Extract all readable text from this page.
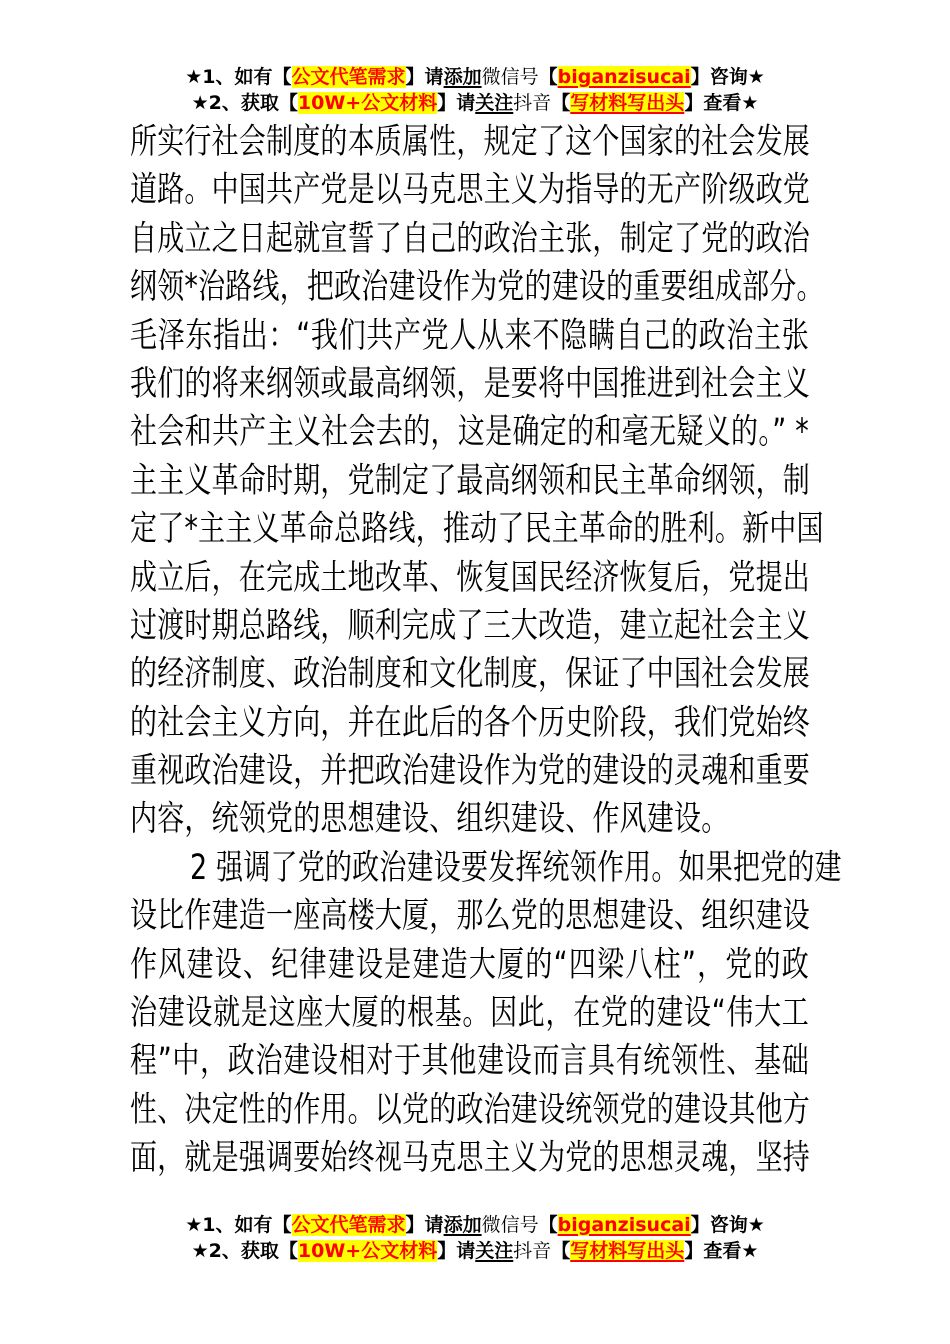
★1、如有【公文代笔需求】请添加微信号【biganzisucai】咨询★
★2、获取【10W+公文材料】请关注抖音【写材料写出头】查看★
所实行社会制度的本质属性，规定了这个国家的社会发展
道路。中国共产党是以马克思主义为指导的无产阶级政党
自成立之日起就宣誓了自己的政治主张，制定了党的政治
纲领*治路线，把政治建设作为党的建设的重要组成部分。
毛泽东指出：“我们共产党人从来不隐瞒自己的政治主张
我们的将来纲领或最高纲领，是要将中国推进到社会主义
社会和共产主义社会去的，这是确定的和毫无疑义的。” *
主主义革命时期，党制定了最高纲领和民主革命纲领，制
定了*主主义革命总路线，推动了民主革命的胜利。新中国
成立后，在完成土地改革、恢复国民经济恢复后，党提出
过渡时期总路线，顺利完成了三大改造，建立起社会主义
的经济制度、政治制度和文化制度，保证了中国社会发展
的社会主义方向，并在此后的各个历史阶段，我们党始终
重视政治建设，并把政治建设作为党的建设的灵魂和重要
内容，统领党的思想建设、组织建设、作风建设。
2 强调了党的政治建设要发挥统领作用。如果把党的建
设比作建造一座高楼大厦，那么党的思想建设、组织建设
作风建设、纪律建设是建造大厦的“四梁八柱”，党的政
治建设就是这座大厦的根基。因此，在党的建设“伟大工
程”中，政治建设相对于其他建设而言具有统领性、基础
性、决定性的作用。以党的政治建设统领党的建设其他方
面，就是强调要始终视马克思主义为党的思想灵魂，坚持
★1、如有【公文代笔需求】请添加微信号【biganzisucai】咨询★
★2、获取【10W+公文材料】请关注抖音【写材料写出头】查看★
